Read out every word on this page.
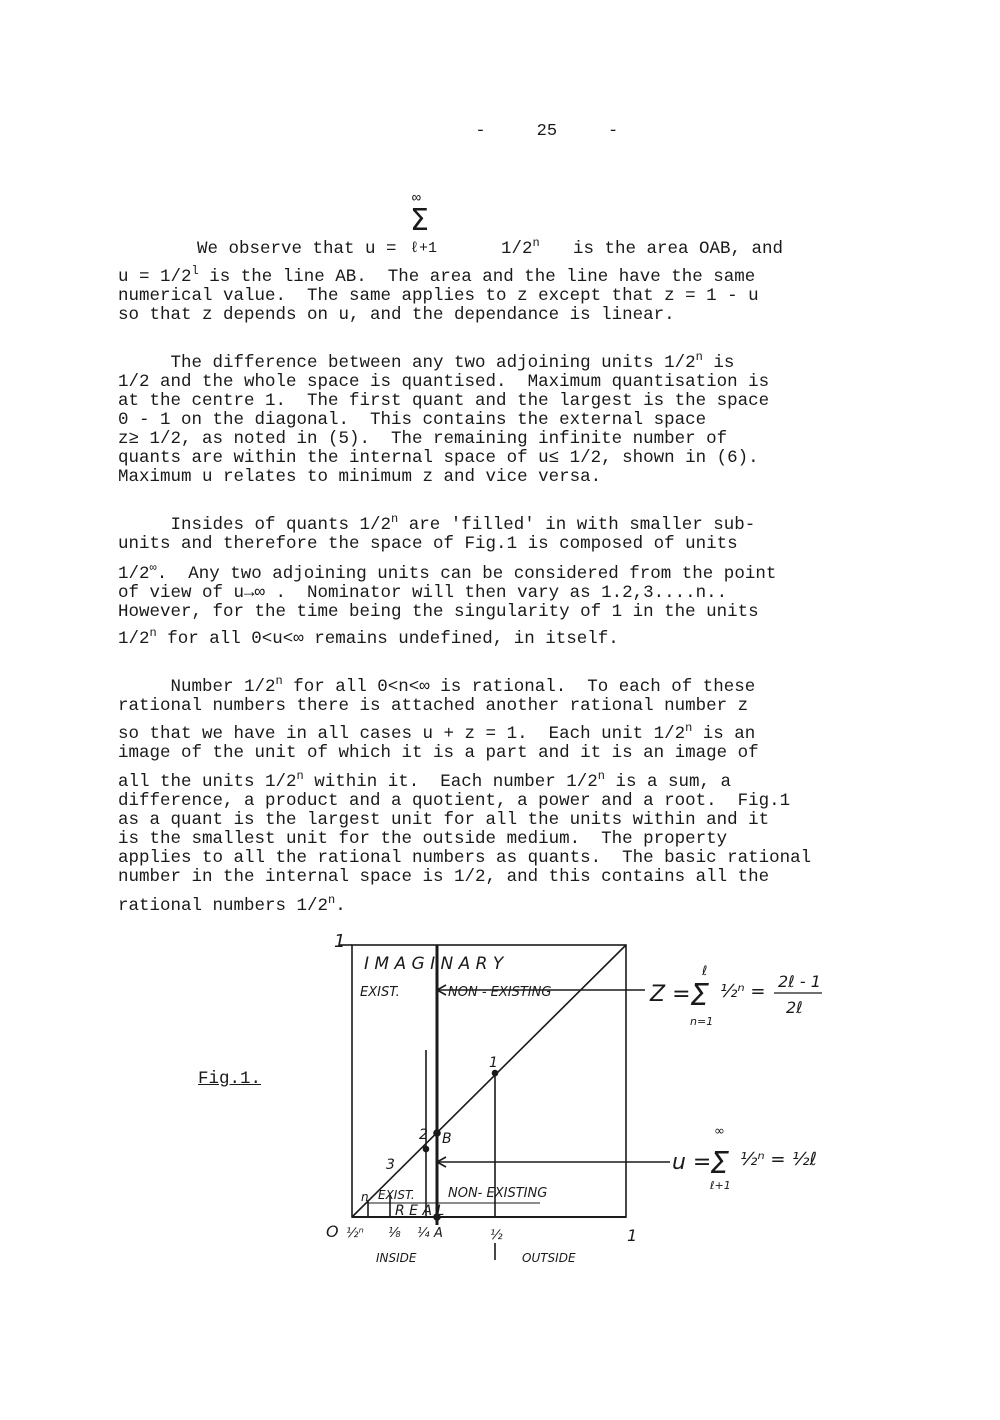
-	25	-

We observe that u =

Σ
∞
ℓ+1	1/2$^n$	is the area OAB, and

$u = 1/2^l$ is the line AB.  The area and the line have the same
numerical value.  The same applies to z except that z = 1 - u
so that z depends on u, and the dependance is linear.
The difference between any two adjoining units 1/2$^n$ is
1/2 and the whole space is quantised.  Maximum quantisation is
at the centre 1.  The first quant and the largest is the space
0 - 1 on the diagonal.  This contains the external space
z≥ 1/2, as noted in (5).  The remaining infinite number of
quants are within the internal space of u≤ 1/2, shown in (6).
Maximum u relates to minimum z and vice versa.
Insides of quants 1/2$^n$ are 'filled' in with smaller sub-
units and therefore the space of Fig.1 is composed of units
1/2∞.  Any two adjoining units can be considered from the point
of view of u→∞ .  Nominator will then vary as 1.2,3....n..
However, for the time being the singularity of 1 in the units
1/2$^n$ for all 0<u<∞ remains undefined, in itself.
Number 1/2$^n$ for all 0<n<∞ is rational.  To each of these
rational numbers there is attached another rational number z
so that we have in all cases u + z = 1.  Each unit 1/2$^n$ is an
image of the unit of which it is a part and it is an image of
all the units 1/2$^n$ within it.  Each number 1/2$^n$ is a sum, a
difference, a product and a quotient, a power and a root.  Fig.1
as a quant is the largest unit for all the units within and it
is the smallest unit for the outside medium.  The property
applies to all the rational numbers as quants.  The basic rational
number in the internal space is 1/2, and this contains all the
rational numbers 1/2$^n$.
Fig.1.
1
I M A G I N A R Y
EXIST.	NON - EXISTING
1
2 B
3
n EXIST.	NON- EXISTING
R E A L
O ½ⁿ ⅛ ¼ A	½	1
INSIDE	OUTSIDE
Z = Σ
ℓ
n=1
½ⁿ = 2ℓ - 1
2ℓ
u =
Σ
∞
ℓ+1
½ⁿ = ½ℓ
